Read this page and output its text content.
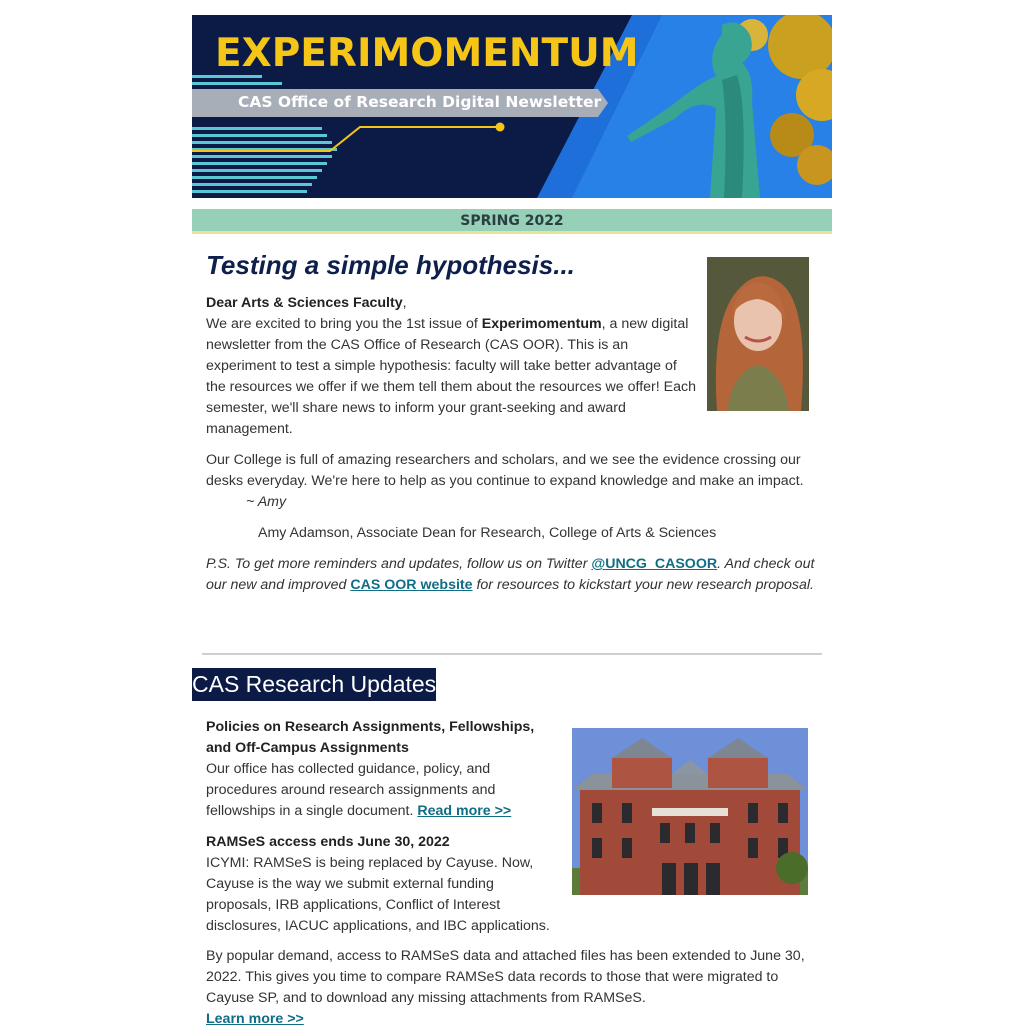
EXPERIMOMENTUM
CAS Office of Research Digital Newsletter
SPRING 2022
Testing a simple hypothesis...

Dear Arts & Sciences Faculty,

We are excited to bring you the 1st issue of Experimomentum, a new digital newsletter from the CAS Office of Research (CAS OOR). This is an experiment to test a simple hypothesis: faculty will take better advantage of the resources we offer if we them tell them about the resources we offer! Each semester, we'll share news to inform your grant-seeking and award management.

Our College is full of amazing researchers and scholars, and we see the evidence crossing our desks everyday. We're here to help as you continue to expand knowledge and make an impact.

~ Amy

Amy Adamson, Associate Dean for Research, College of Arts & Sciences

P.S. To get more reminders and updates, follow us on Twitter @UNCG_CASOOR. And check out our new and improved CAS OOR website for resources to kickstart your new research proposal.

CAS Research Updates

Policies on Research Assignments, Fellowships, and Off-Campus Assignments

Our office has collected guidance, policy, and procedures around research assignments and fellowships in a single document. Read more >>

RAMSeS access ends June 30, 2022

ICYMI: RAMSeS is being replaced by Cayuse. Now, Cayuse is the way we submit external funding proposals, IRB applications, Conflict of Interest disclosures, IACUC applications, and IBC applications.

By popular demand, access to RAMSeS data and attached files has been extended to June 30, 2022. This gives you time to compare RAMSeS data records to those that were migrated to Cayuse SP, and to download any missing attachments from RAMSeS.
Learn more >>
